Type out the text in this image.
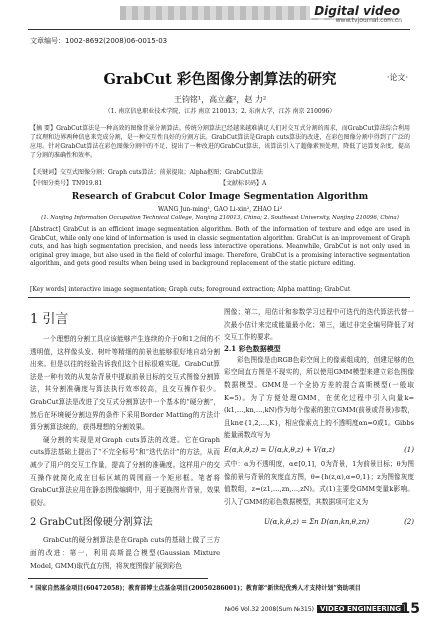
Digital video
www.tvjournal.com.cn
文章编号：1002-8692(2008)06-0015-03
GrabCut 彩色图像分割算法的研究	·论文·
王钧铭¹，高立鑫²，赵 力²
（1. 南京信息职业技术学院，江苏 南京 210013；2. 东南大学，江苏 南京 210096）
【摘 要】GrabCut算法是一种高效的图像背景分割算法。传统分割算法已经越来越难满足人们对交互式分割的需求，而GrabCut算法综合利用了纹理和边界两种信息来完成分割，是一种交互性良好的分割方法。GrabCut算法是Graph cuts算法的改进，在彩色图像分割中得到了广泛的应用。针对GrabCut算法在彩色图像分割中的不足，提出了一种改进的GrabCut算法，该算法引入了超像素预处理，降低了运算复杂度，提高了分割的准确性和效率。
【关键词】交互式图像分割；Graph cuts算法；前景提取；Alpha抠图；GrabCut算法
【中图分类号】TN919.81	【文献标识码】A
Research of Grabcut Color Image Segmentation Algorithm
WANG Jun-ming¹, GAO Li-xin², ZHAO Li²
(1. Nanjing Information Occupation Technical College, Nanjing 210013, China; 2. Southeast University, Nanjing 210096, China)
[Abstract] GrabCut is an efficient image segmentation algorithm. Both of the information of texture and edge are used in GrabCut, while only one kind of information is used in classic segmentation algorithm. GrabCut is an improvement of Graph cuts, and has high segmentation precision, and needs less interactive operations. Meanwhile, GrabCut is not only used in original grey image, but also used in the field of colorful image. Therefore, GrabCut is a promising interactive segmentation algorithm, and gets good results when being used in background replacement of the static picture editing.
[Key words] interactive image segmentation; Graph cuts; foreground extraction; Alpha matting; GrabCut

1 引言

一个理想的分割工具应该能够产生连续的介于0和1之间的不透明值，这样像头发、树叶等精细的前景也能够很好地自动分割出来。但是以往的经验告诉我们这个目标很难实现。GrabCut算法是一种有效的从复杂背景中提取前景目标的交互式图像分割算法，其分割准确度与算法执行效率较高，且交互操作很少。GrabCut算法是改进了交互式分割算法中一个基本的“硬分割”，然后在环境硬分割边界的条件下采用Border Matting的方法计算分割算法统的，获得理想的分割效果。

硬分割的实现是对Graph cuts算法的改进。它在Graph cuts算法基础上提出了“不完全标号”和“迭代估计”的方法，从而减少了用户的交互工作量，提高了分割的准确度。这样用户的交互操作就简化成在目标区域的周围画一个矩形框。笔者将GrabCut算法应用在静态图像编辑中，用于更换图片背景，效果很好。

2 GrabCut图像硬分割算法

GrabCut的硬分割算法是在Graph cuts的基础上做了三方面的改进：第一，利用高斯混合模型(Gaussian Mixture Model, GMM)取代直方图，将灰度图像扩展到彩色

图像；第二，用估计和参数学习过程中可迭代的迭代算法代替一次最小估计来完成能量最小化；第三，通过非完全编号降低了对交互工作的要求。

2.1 彩色数据模型

彩色图像是由RGB色彩空间上的像素组成的，创建足够的色彩空间直方图是不现实的，所以使用GMM模型来建立彩色图像数据模型。GMM是一个全协方差的混合高斯模型(一般取K=5)。为了方便处理GMM，在优化过程中引入向量k=(k1,…,kn,…,kN)作为每个像素的独立GMM(前景或背景)参数，且kn∈{1,2,…,K}，相应像素点上的不透明度αn=0或1。Gibbs能量函数改写为

E(α,k,θ,z) = U(α,k,θ,z) + V(α,z)	(1)

式中：α为不透明度，α∈[0,1]，0为背景，1为前景目标；θ为图像前景与背景的灰度直方图，θ={h(z,α),α=0,1}；z为图像灰度值数组，z=(z1,…,zn,…,zN)。式(1)主要受GMM变量k影响。引入了GMM的彩色数据模型，其数据项可定义为

U(α,k,θ,z) = Σn D(αn,kn,θ,zn)	(2)
* 国家自然基金项目(60472058)；教育部博士点基金项目(20050286001)；教育部“新世纪优秀人才支持计划”资助项目
№06 Vol.32 2008(Sum №315) VIDEO ENGINEERING 15
